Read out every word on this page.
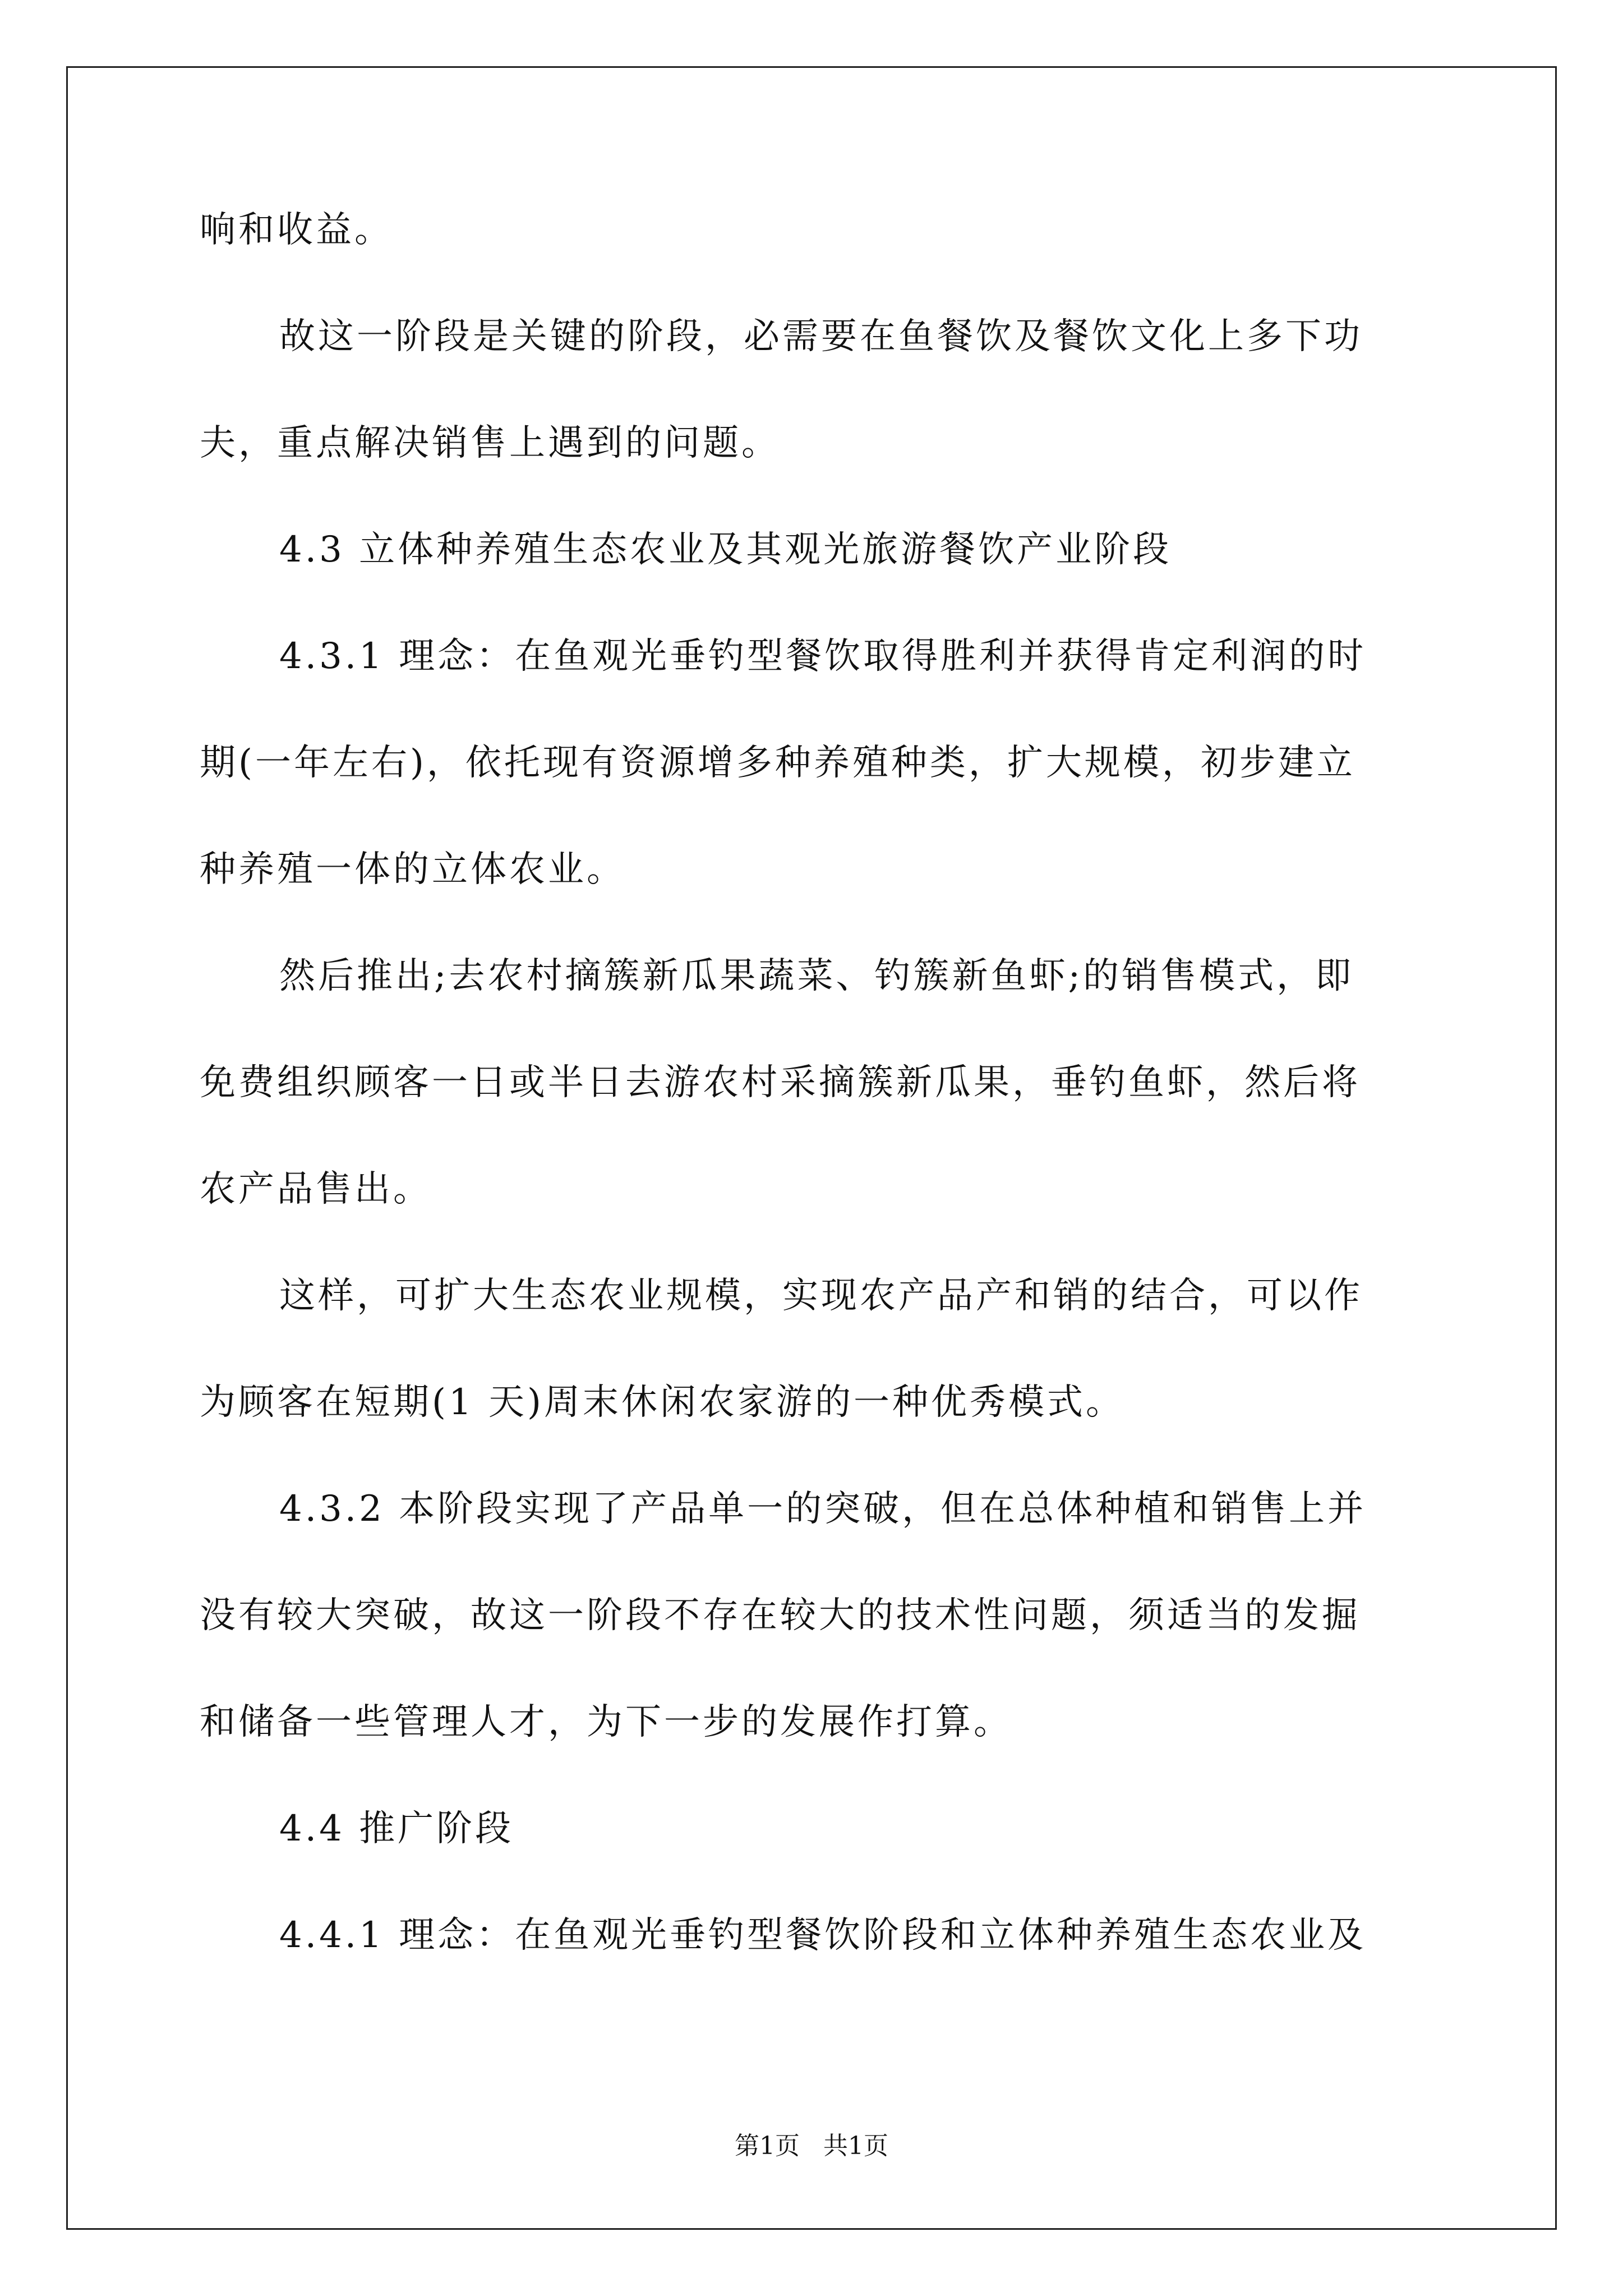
响和收益。
故这一阶段是关键的阶段，必需要在鱼餐饮及餐饮文化上多下功
夫，重点解决销售上遇到的问题。
4.3 立体种养殖生态农业及其观光旅游餐饮产业阶段
4.3.1 理念：在鱼观光垂钓型餐饮取得胜利并获得肯定利润的时
期(一年左右)，依托现有资源增多种养殖种类，扩大规模，初步建立
种养殖一体的立体农业。
然后推出;去农村摘簇新瓜果蔬菜、钓簇新鱼虾;的销售模式，即
免费组织顾客一日或半日去游农村采摘簇新瓜果，垂钓鱼虾，然后将
农产品售出。
这样，可扩大生态农业规模，实现农产品产和销的结合，可以作
为顾客在短期(1 天)周末休闲农家游的一种优秀模式。
4.3.2 本阶段实现了产品单一的突破，但在总体种植和销售上并
没有较大突破，故这一阶段不存在较大的技术性问题，须适当的发掘
和储备一些管理人才，为下一步的发展作打算。
4.4 推广阶段
4.4.1 理念：在鱼观光垂钓型餐饮阶段和立体种养殖生态农业及
第1页   共1页
